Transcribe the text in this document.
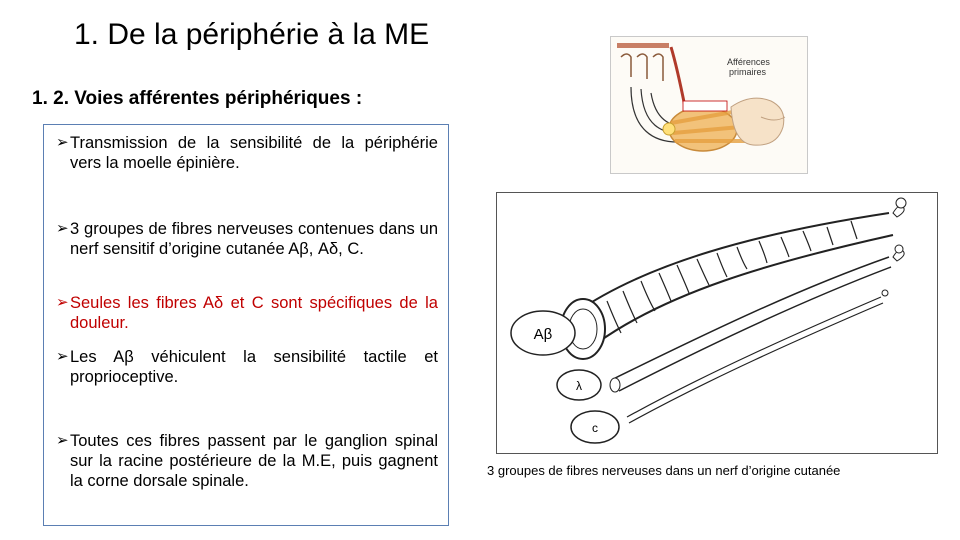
1. De la périphérie à la ME
1. 2. Voies afférentes périphériques :
➢ Transmission de la sensibilité de la périphérie vers la moelle épinière.
➢ 3 groupes de fibres nerveuses contenues dans un nerf sensitif d’origine cutanée Aβ, Aδ, C.
➢ Seules les fibres Aδ et C sont spécifiques de la douleur.
➢ Les Aβ véhiculent la sensibilité tactile et proprioceptive.
➢ Toutes ces fibres passent par le ganglion spinal sur la racine postérieure de la M.E, puis gagnent la corne dorsale spinale.
Afférences
primaires
Aβ
λ
c
3 groupes de fibres nerveuses dans un nerf d’origine cutanée
